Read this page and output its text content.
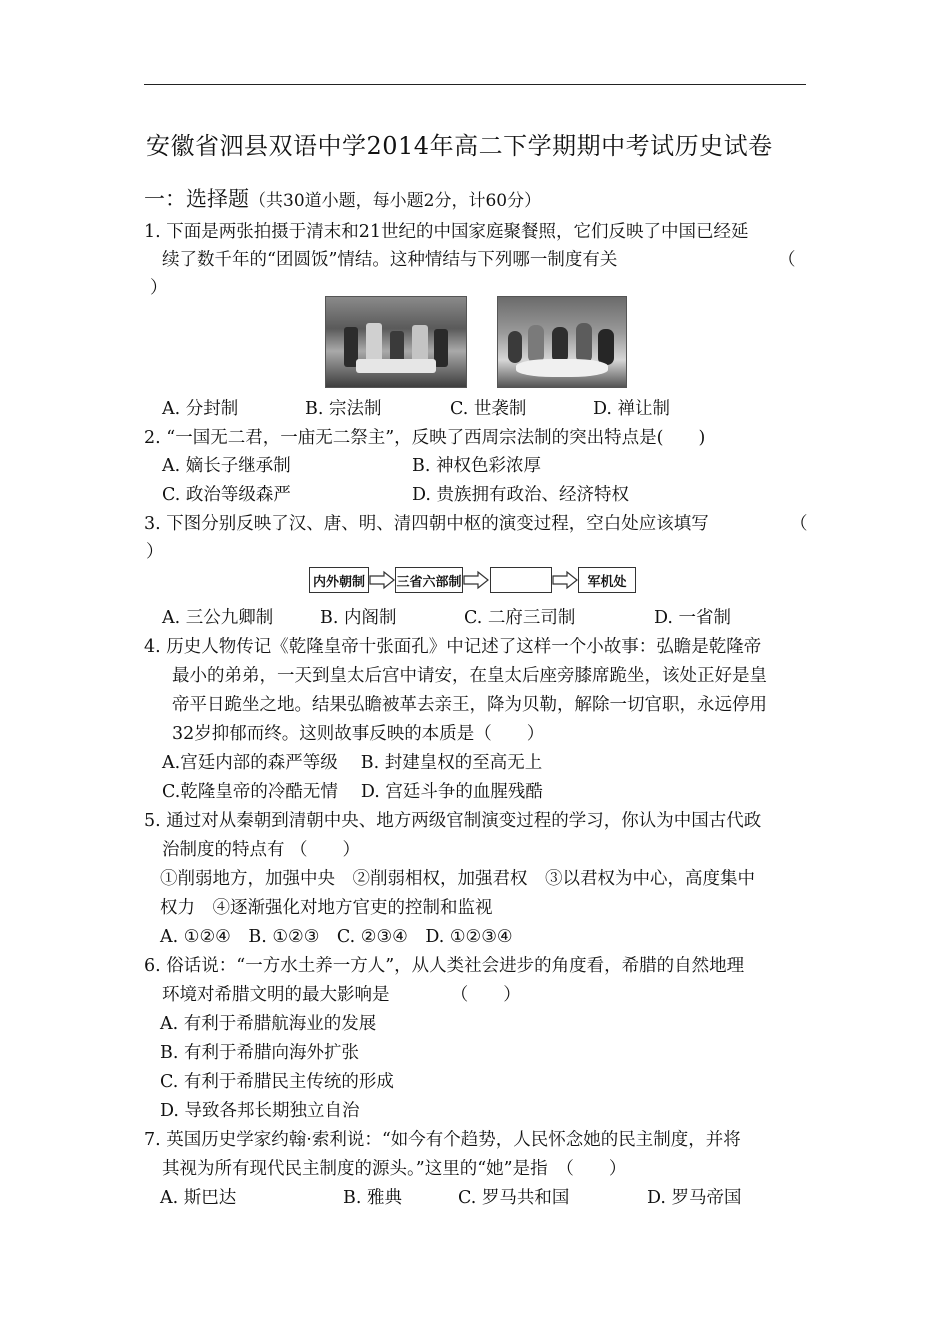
安徽省泗县双语中学2014年高二下学期期中考试历史试卷
一：选择题（共30道小题，每小题2分，计60分）
1. 下面是两张拍摄于清末和21世纪的中国家庭聚餐照，它们反映了中国已经延
续了数千年的“团圆饭”情结。这种情结与下列哪一制度有关	（
）
A. 分封制	B. 宗法制	C. 世袭制	D. 禅让制
2. “一国无二君，一庙无二祭主”，反映了西周宗法制的突出特点是(　　)
A. 嫡长子继承制	B. 神权色彩浓厚
C. 政治等级森严	D. 贵族拥有政治、经济特权
3. 下图分别反映了汉、唐、明、清四朝中枢的演变过程，空白处应该填写	（
）
内外朝制	三省六部制	军机处
A. 三公九卿制	B. 内阁制	C. 二府三司制	D. 一省制
4. 历史人物传记《乾隆皇帝十张面孔》中记述了这样一个小故事：弘瞻是乾隆帝
最小的弟弟，一天到皇太后宫中请安，在皇太后座旁膝席跪坐，该处正好是皇
帝平日跪坐之地。结果弘瞻被革去亲王，降为贝勒，解除一切官职，永远停用
32岁抑郁而终。这则故事反映的本质是（　　）
A.宫廷内部的森严等级　 B. 封建皇权的至高无上
C.乾隆皇帝的冷酷无情　 D. 宫廷斗争的血腥残酷
5. 通过对从秦朝到清朝中央、地方两级官制演变过程的学习，你认为中国古代政
治制度的特点有 （　　）
①削弱地方，加强中央　②削弱相权，加强君权　③以君权为中心，高度集中
权力　④逐渐强化对地方官吏的控制和监视
A. ①②④　B. ①②③　C. ②③④　D. ①②③④
6. 俗话说：“一方水土养一方人”，从人类社会进步的角度看，希腊的自然地理
环境对希腊文明的最大影响是　　　　（　　）
A. 有利于希腊航海业的发展
B. 有利于希腊向海外扩张
C. 有利于希腊民主传统的形成
D. 导致各邦长期独立自治
7. 英国历史学家约翰·索利说：“如今有个趋势，人民怀念她的民主制度，并将
其视为所有现代民主制度的源头。”这里的“她”是指　（　　）
A. 斯巴达	B. 雅典	C. 罗马共和国	D. 罗马帝国
